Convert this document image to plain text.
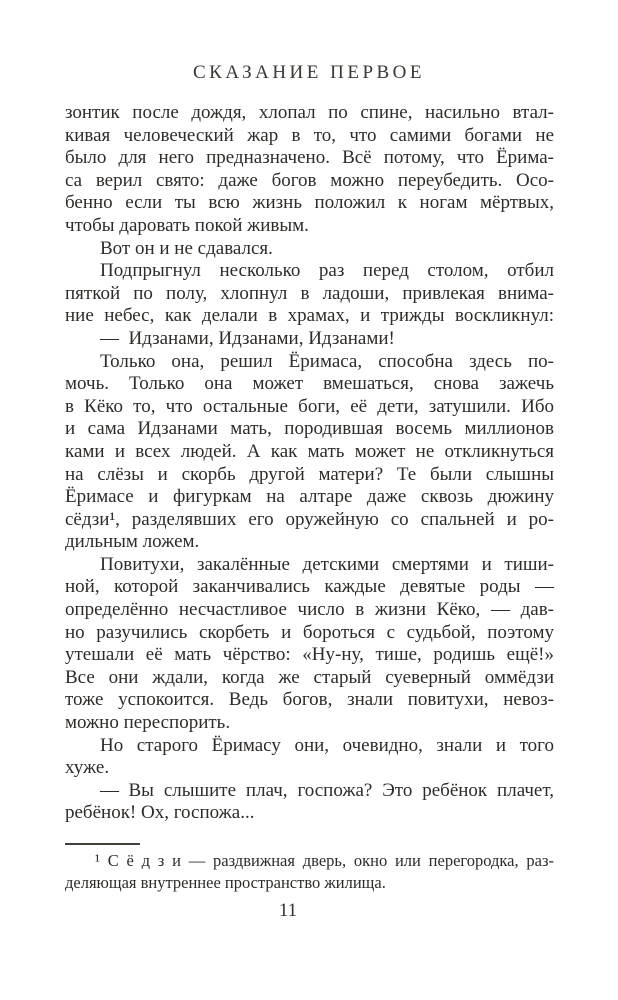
СКАЗАНИЕ ПЕРВОЕ
зонтик после дождя, хлопал по спине, насильно втал-
кивая человеческий жар в то, что самими богами не
было для него предназначено. Всё потому, что Ёрима-
са верил свято: даже богов можно переубедить. Осо-
бенно если ты всю жизнь положил к ногам мёртвых,
чтобы даровать покой живым.
Вот он и не сдавался.
Подпрыгнул несколько раз перед столом, отбил
пяткой по полу, хлопнул в ладоши, привлекая внима-
ние небес, как делали в храмах, и трижды воскликнул:
— Идзанами, Идзанами, Идзанами!
Только она, решил Ёримаса, способна здесь по-
мочь. Только она может вмешаться, снова зажечь
в Кёко то, что остальные боги, её дети, затушили. Ибо
и сама Идзанами мать, породившая восемь миллионов
ками и всех людей. А как мать может не откликнуться
на слёзы и скорбь другой матери? Те были слышны
Ёримасе и фигуркам на алтаре даже сквозь дюжину
сёдзи¹, разделявших его оружейную со спальней и ро-
дильным ложем.
Повитухи, закалённые детскими смертями и тиши-
ной, которой заканчивались каждые девятые роды —
определённо несчастливое число в жизни Кёко, — дав-
но разучились скорбеть и бороться с судьбой, поэтому
утешали её мать чёрство: «Ну-ну, тише, родишь ещё!»
Все они ждали, когда же старый суеверный оммёдзи
тоже успокоится. Ведь богов, знали повитухи, невоз-
можно переспорить.
Но старого Ёримасу они, очевидно, знали и того
хуже.
— Вы слышите плач, госпожа? Это ребёнок плачет,
ребёнок! Ох, госпожа...
¹ С ё д з и — раздвижная дверь, окно или перегородка, раз-
деляющая внутреннее пространство жилища.
11
